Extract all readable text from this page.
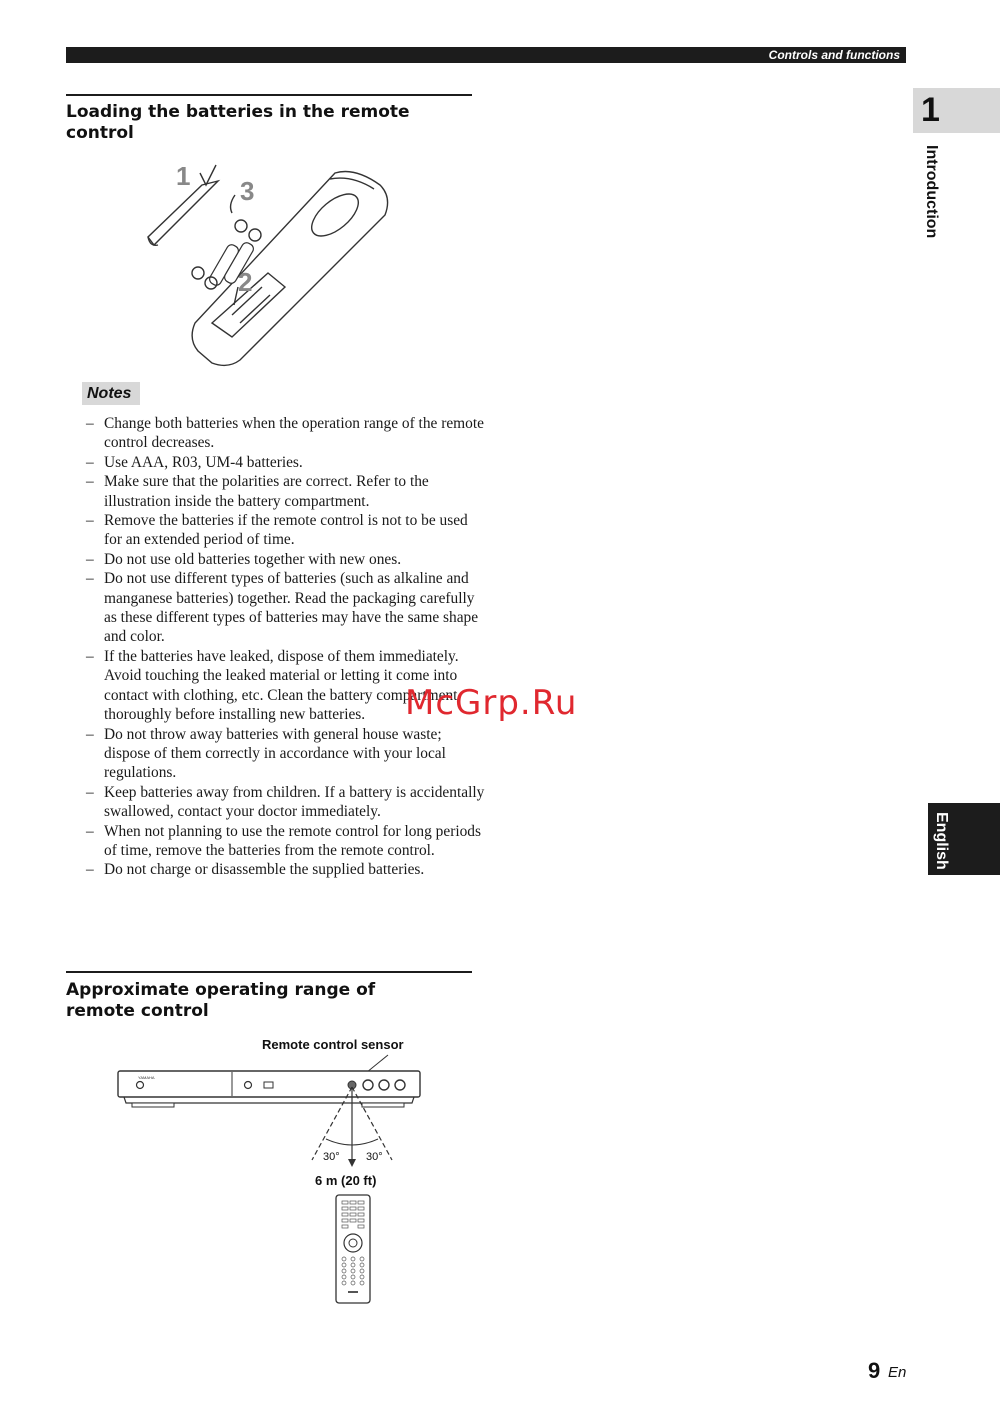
Controls and functions
1
Introduction
English
Loading the batteries in the remote
control
1 3
2
Notes
– Change both batteries when the operation range of the remote control decreases.
– Use AAA, R03, UM-4 batteries.
– Make sure that the polarities are correct. Refer to the illustration inside the battery compartment.
– Remove the batteries if the remote control is not to be used for an extended period of time.
– Do not use old batteries together with new ones.
– Do not use different types of batteries (such as alkaline and manganese batteries) together. Read the packaging carefully as these different types of batteries may have the same shape and color.
– If the batteries have leaked, dispose of them immediately. Avoid touching the leaked material or letting it come into contact with clothing, etc. Clean the battery compartment thoroughly before installing new batteries.
– Do not throw away batteries with general house waste; dispose of them correctly in accordance with your local regulations.
– Keep batteries away from children. If a battery is accidentally swallowed, contact your doctor immediately.
– When not planning to use the remote control for long periods of time, remove the batteries from the remote control.
– Do not charge or disassemble the supplied batteries.
McGrp.Ru
Approximate operating range of
remote control
Remote control sensor
YAMAHA
30° 30°
6 m (20 ft)
9 En
